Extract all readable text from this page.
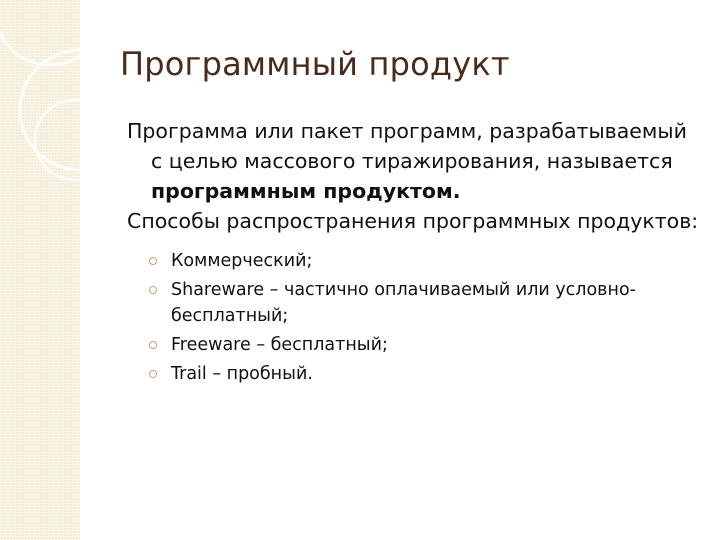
Программный продукт

Программа или пакет программ, разрабатываемый с целью массового тиражирования, называется программным продуктом.

Способы распространения программных продуктов:

Коммерческий;
Shareware – частично оплачиваемый или условно-бесплатный;
Freeware – бесплатный;
Trail – пробный.
